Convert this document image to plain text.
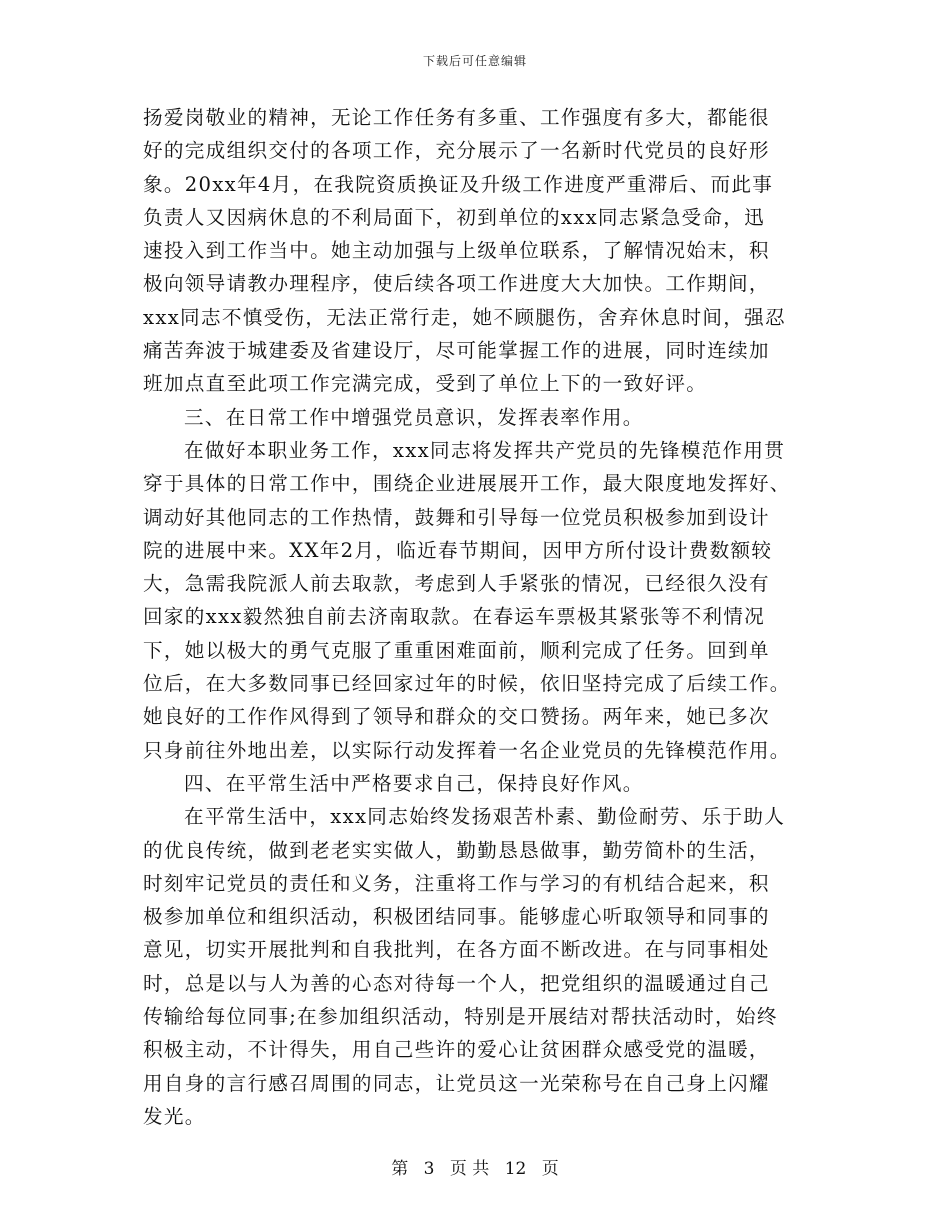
下载后可任意编辑
扬爱岗敬业的精神，无论工作任务有多重、工作强度有多大，都能很
好的完成组织交付的各项工作，充分展示了一名新时代党员的良好形
象。20xx年4月，在我院资质换证及升级工作进度严重滞后、而此事
负责人又因病休息的不利局面下，初到单位的xxx同志紧急受命，迅
速投入到工作当中。她主动加强与上级单位联系，了解情况始末，积
极向领导请教办理程序，使后续各项工作进度大大加快。工作期间，
xxx同志不慎受伤，无法正常行走，她不顾腿伤，舍弃休息时间，强忍
痛苦奔波于城建委及省建设厅，尽可能掌握工作的进展，同时连续加
班加点直至此项工作完满完成，受到了单位上下的一致好评。
三、在日常工作中增强党员意识，发挥表率作用。
在做好本职业务工作，xxx同志将发挥共产党员的先锋模范作用贯
穿于具体的日常工作中，围绕企业进展展开工作，最大限度地发挥好、
调动好其他同志的工作热情，鼓舞和引导每一位党员积极参加到设计
院的进展中来。XX年2月，临近春节期间，因甲方所付设计费数额较
大，急需我院派人前去取款，考虑到人手紧张的情况，已经很久没有
回家的xxx毅然独自前去济南取款。在春运车票极其紧张等不利情况
下，她以极大的勇气克服了重重困难面前，顺利完成了任务。回到单
位后，在大多数同事已经回家过年的时候，依旧坚持完成了后续工作。
她良好的工作作风得到了领导和群众的交口赞扬。两年来，她已多次
只身前往外地出差，以实际行动发挥着一名企业党员的先锋模范作用。
四、在平常生活中严格要求自己，保持良好作风。
在平常生活中，xxx同志始终发扬艰苦朴素、勤俭耐劳、乐于助人
的优良传统，做到老老实实做人，勤勤恳恳做事，勤劳简朴的生活，
时刻牢记党员的责任和义务，注重将工作与学习的有机结合起来，积
极参加单位和组织活动，积极团结同事。能够虚心听取领导和同事的
意见，切实开展批判和自我批判，在各方面不断改进。在与同事相处
时，总是以与人为善的心态对待每一个人，把党组织的温暖通过自己
传输给每位同事;在参加组织活动，特别是开展结对帮扶活动时，始终
积极主动，不计得失，用自己些许的爱心让贫困群众感受党的温暖，
用自身的言行感召周围的同志，让党员这一光荣称号在自己身上闪耀
发光。
第 3 页 共 12 页
